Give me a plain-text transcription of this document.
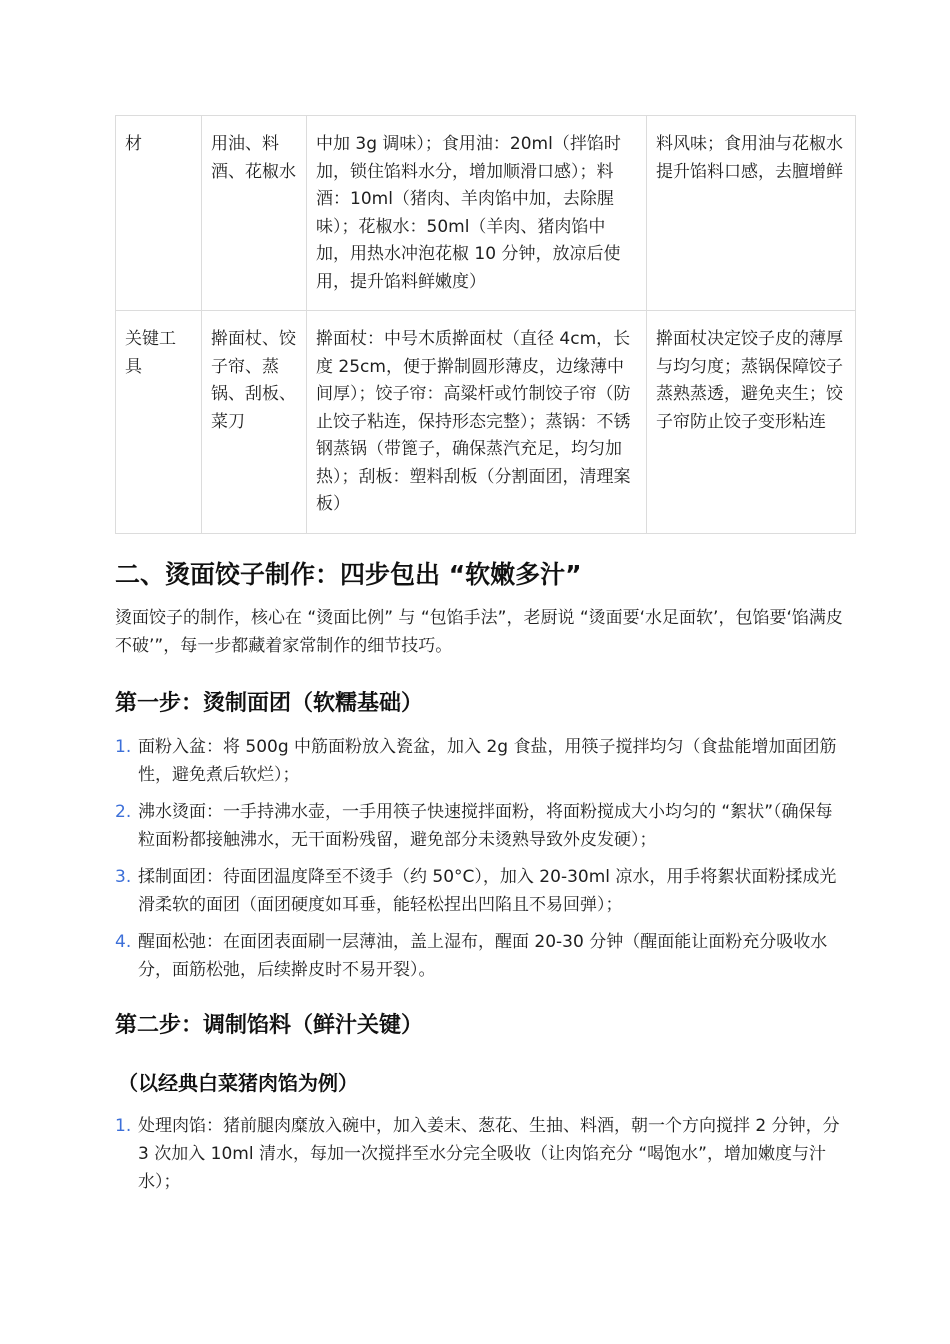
材	用油、料酒、花椒水	中加 3g 调味）；食用油：20ml（拌馅时加，锁住馅料水分，增加顺滑口感）；料酒：10ml（猪肉、羊肉馅中加，去除腥味）；花椒水：50ml（羊肉、猪肉馅中加，用热水冲泡花椒 10 分钟，放凉后使用，提升馅料鲜嫩度）	料风味；食用油与花椒水提升馅料口感，去膻增鲜
关键工具	擀面杖、饺子帘、蒸锅、刮板、菜刀	擀面杖：中号木质擀面杖（直径 4cm，长度 25cm，便于擀制圆形薄皮，边缘薄中间厚）；饺子帘：高粱杆或竹制饺子帘（防止饺子粘连，保持形态完整）；蒸锅：不锈钢蒸锅（带篦子，确保蒸汽充足，均匀加热）；刮板：塑料刮板（分割面团，清理案板）	擀面杖决定饺子皮的薄厚与均匀度；蒸锅保障饺子蒸熟蒸透，避免夹生；饺子帘防止饺子变形粘连
二、烫面饺子制作：四步包出 “软嫩多汁”

烫面饺子的制作，核心在 “烫面比例” 与 “包馅手法”，老厨说 “烫面要‘水足面软’，包馅要‘馅满皮不破’”，每一步都藏着家常制作的细节技巧。

第一步：烫制面团（软糯基础）
1. 面粉入盆：将 500g 中筋面粉放入瓷盆，加入 2g 食盐，用筷子搅拌均匀（食盐能增加面团筋性，避免煮后软烂）；
2. 沸水烫面：一手持沸水壶，一手用筷子快速搅拌面粉，将面粉搅成大小均匀的 “絮状”（确保每粒面粉都接触沸水，无干面粉残留，避免部分未烫熟导致外皮发硬）；
3. 揉制面团：待面团温度降至不烫手（约 50°C），加入 20-30ml 凉水，用手将絮状面粉揉成光滑柔软的面团（面团硬度如耳垂，能轻松捏出凹陷且不易回弹）；
4. 醒面松弛：在面团表面刷一层薄油，盖上湿布，醒面 20-30 分钟（醒面能让面粉充分吸收水分，面筋松弛，后续擀皮时不易开裂）。
第二步：调制馅料（鲜汁关键）
（以经典白菜猪肉馅为例）
1. 处理肉馅：猪前腿肉糜放入碗中，加入姜末、葱花、生抽、料酒，朝一个方向搅拌 2 分钟，分 3 次加入 10ml 清水，每加一次搅拌至水分完全吸收（让肉馅充分 “喝饱水”，增加嫩度与汁水）；
